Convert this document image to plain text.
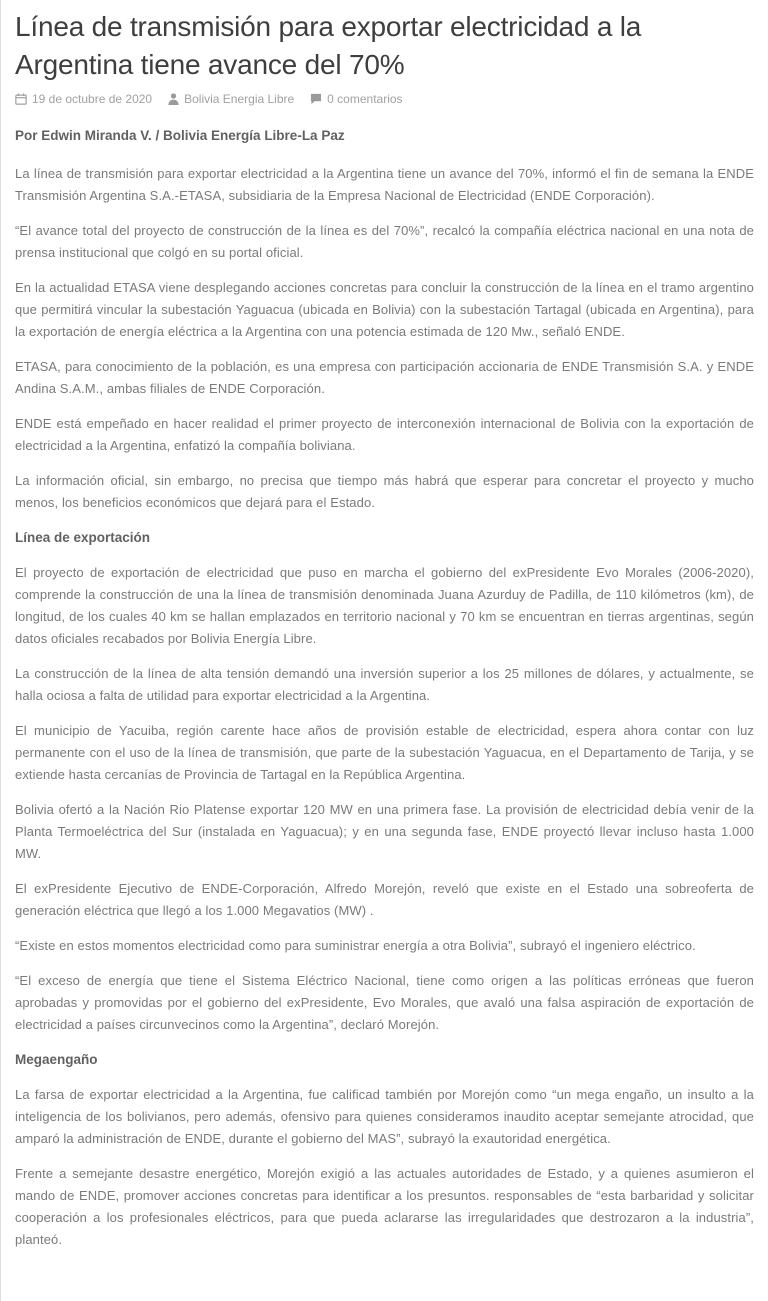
Línea de transmisión para exportar electricidad a la Argentina tiene avance del 70%
19 de octubre de 2020	Bolivia Energia Libre	0 comentarios

Por Edwin Miranda V. / Bolivia Energía Libre-La Paz

La línea de transmisión para exportar electricidad a la Argentina tiene un avance del 70%, informó el fin de semana la ENDE Transmisión Argentina S.A.-ETASA, subsidiaria de la Empresa Nacional de Electricidad (ENDE Corporación).

“El avance total del proyecto de construcción de la línea es del 70%”, recalcó la compañía eléctrica nacional en una nota de prensa institucional que colgó en su portal oficial.

En la actualidad ETASA viene desplegando acciones concretas para concluir la construcción de la línea en el tramo argentino que permitirá vincular la subestación Yaguacua (ubicada en Bolivia) con la subestación Tartagal (ubicada en Argentina), para la exportación de energía eléctrica a la Argentina con una potencia estimada de 120 Mw., señaló ENDE.

ETASA, para conocimiento de la población, es una empresa con participación accionaria de ENDE Transmisión S.A. y ENDE Andina S.A.M., ambas filiales de ENDE Corporación.

ENDE está empeñado en hacer realidad el primer proyecto de interconexión internacional de Bolivia con la exportación de electricidad a la Argentina, enfatizó la compañía boliviana.

La información oficial, sin embargo, no precisa que tiempo más habrá que esperar para concretar el proyecto y mucho menos, los beneficios económicos que dejará para el Estado.

Línea de exportación

El proyecto de exportación de electricidad que puso en marcha el gobierno del exPresidente Evo Morales (2006-2020), comprende la construcción de una la línea de transmisión denominada Juana Azurduy de Padilla, de 110 kilómetros (km), de longitud, de los cuales 40 km se hallan emplazados en territorio nacional y 70 km se encuentran en tierras argentinas, según datos oficiales recabados por Bolivia Energía Libre.

La construcción de la línea de alta tensión demandó una inversión superior a los 25 millones de dólares, y actualmente, se halla ociosa a falta de utilidad para exportar electricidad a la Argentina.

El municipio de Yacuiba, región carente hace años de provisión estable de electricidad, espera ahora contar con luz permanente con el uso de la línea de transmisión, que parte de la subestación Yaguacua, en el Departamento de Tarija, y se extiende hasta cercanías de Provincia de Tartagal en la República Argentina.

Bolivia ofertó a la Nación Rio Platense exportar 120 MW en una primera fase. La provisión de electricidad debía venir de la Planta Termoeléctrica del Sur (instalada en Yaguacua); y en una segunda fase, ENDE proyectó llevar incluso hasta 1.000 MW.

El exPresidente Ejecutivo de ENDE-Corporación, Alfredo Morejón, reveló que existe en el Estado una sobreoferta de generación eléctrica que llegó a los 1.000 Megavatios (MW) .

“Existe en estos momentos electricidad como para suministrar energía a otra Bolivia”, subrayó el ingeniero eléctrico.

“El exceso de energía que tiene el Sistema Eléctrico Nacional, tiene como origen a las políticas erróneas que fueron aprobadas y promovidas por el gobierno del exPresidente, Evo Morales, que avaló una falsa aspiración de exportación de electricidad a países circunvecinos como la Argentina”, declaró Morejón.

Megaengaño

La farsa de exportar electricidad a la Argentina, fue calificad también por Morejón como “un mega engaño, un insulto a la inteligencia de los bolivianos, pero además, ofensivo para quienes consideramos inaudito aceptar semejante atrocidad, que amparó la administración de ENDE, durante el gobierno del MAS”, subrayó la exautoridad energética.

Frente a semejante desastre energético, Morejón exigió a las actuales autoridades de Estado, y a quienes asumieron el mando de ENDE, promover acciones concretas para identificar a los presuntos. responsables de “esta barbaridad y solicitar cooperación a los profesionales eléctricos, para que pueda aclararse las irregularidades que destrozaron a la industria”, planteó.
